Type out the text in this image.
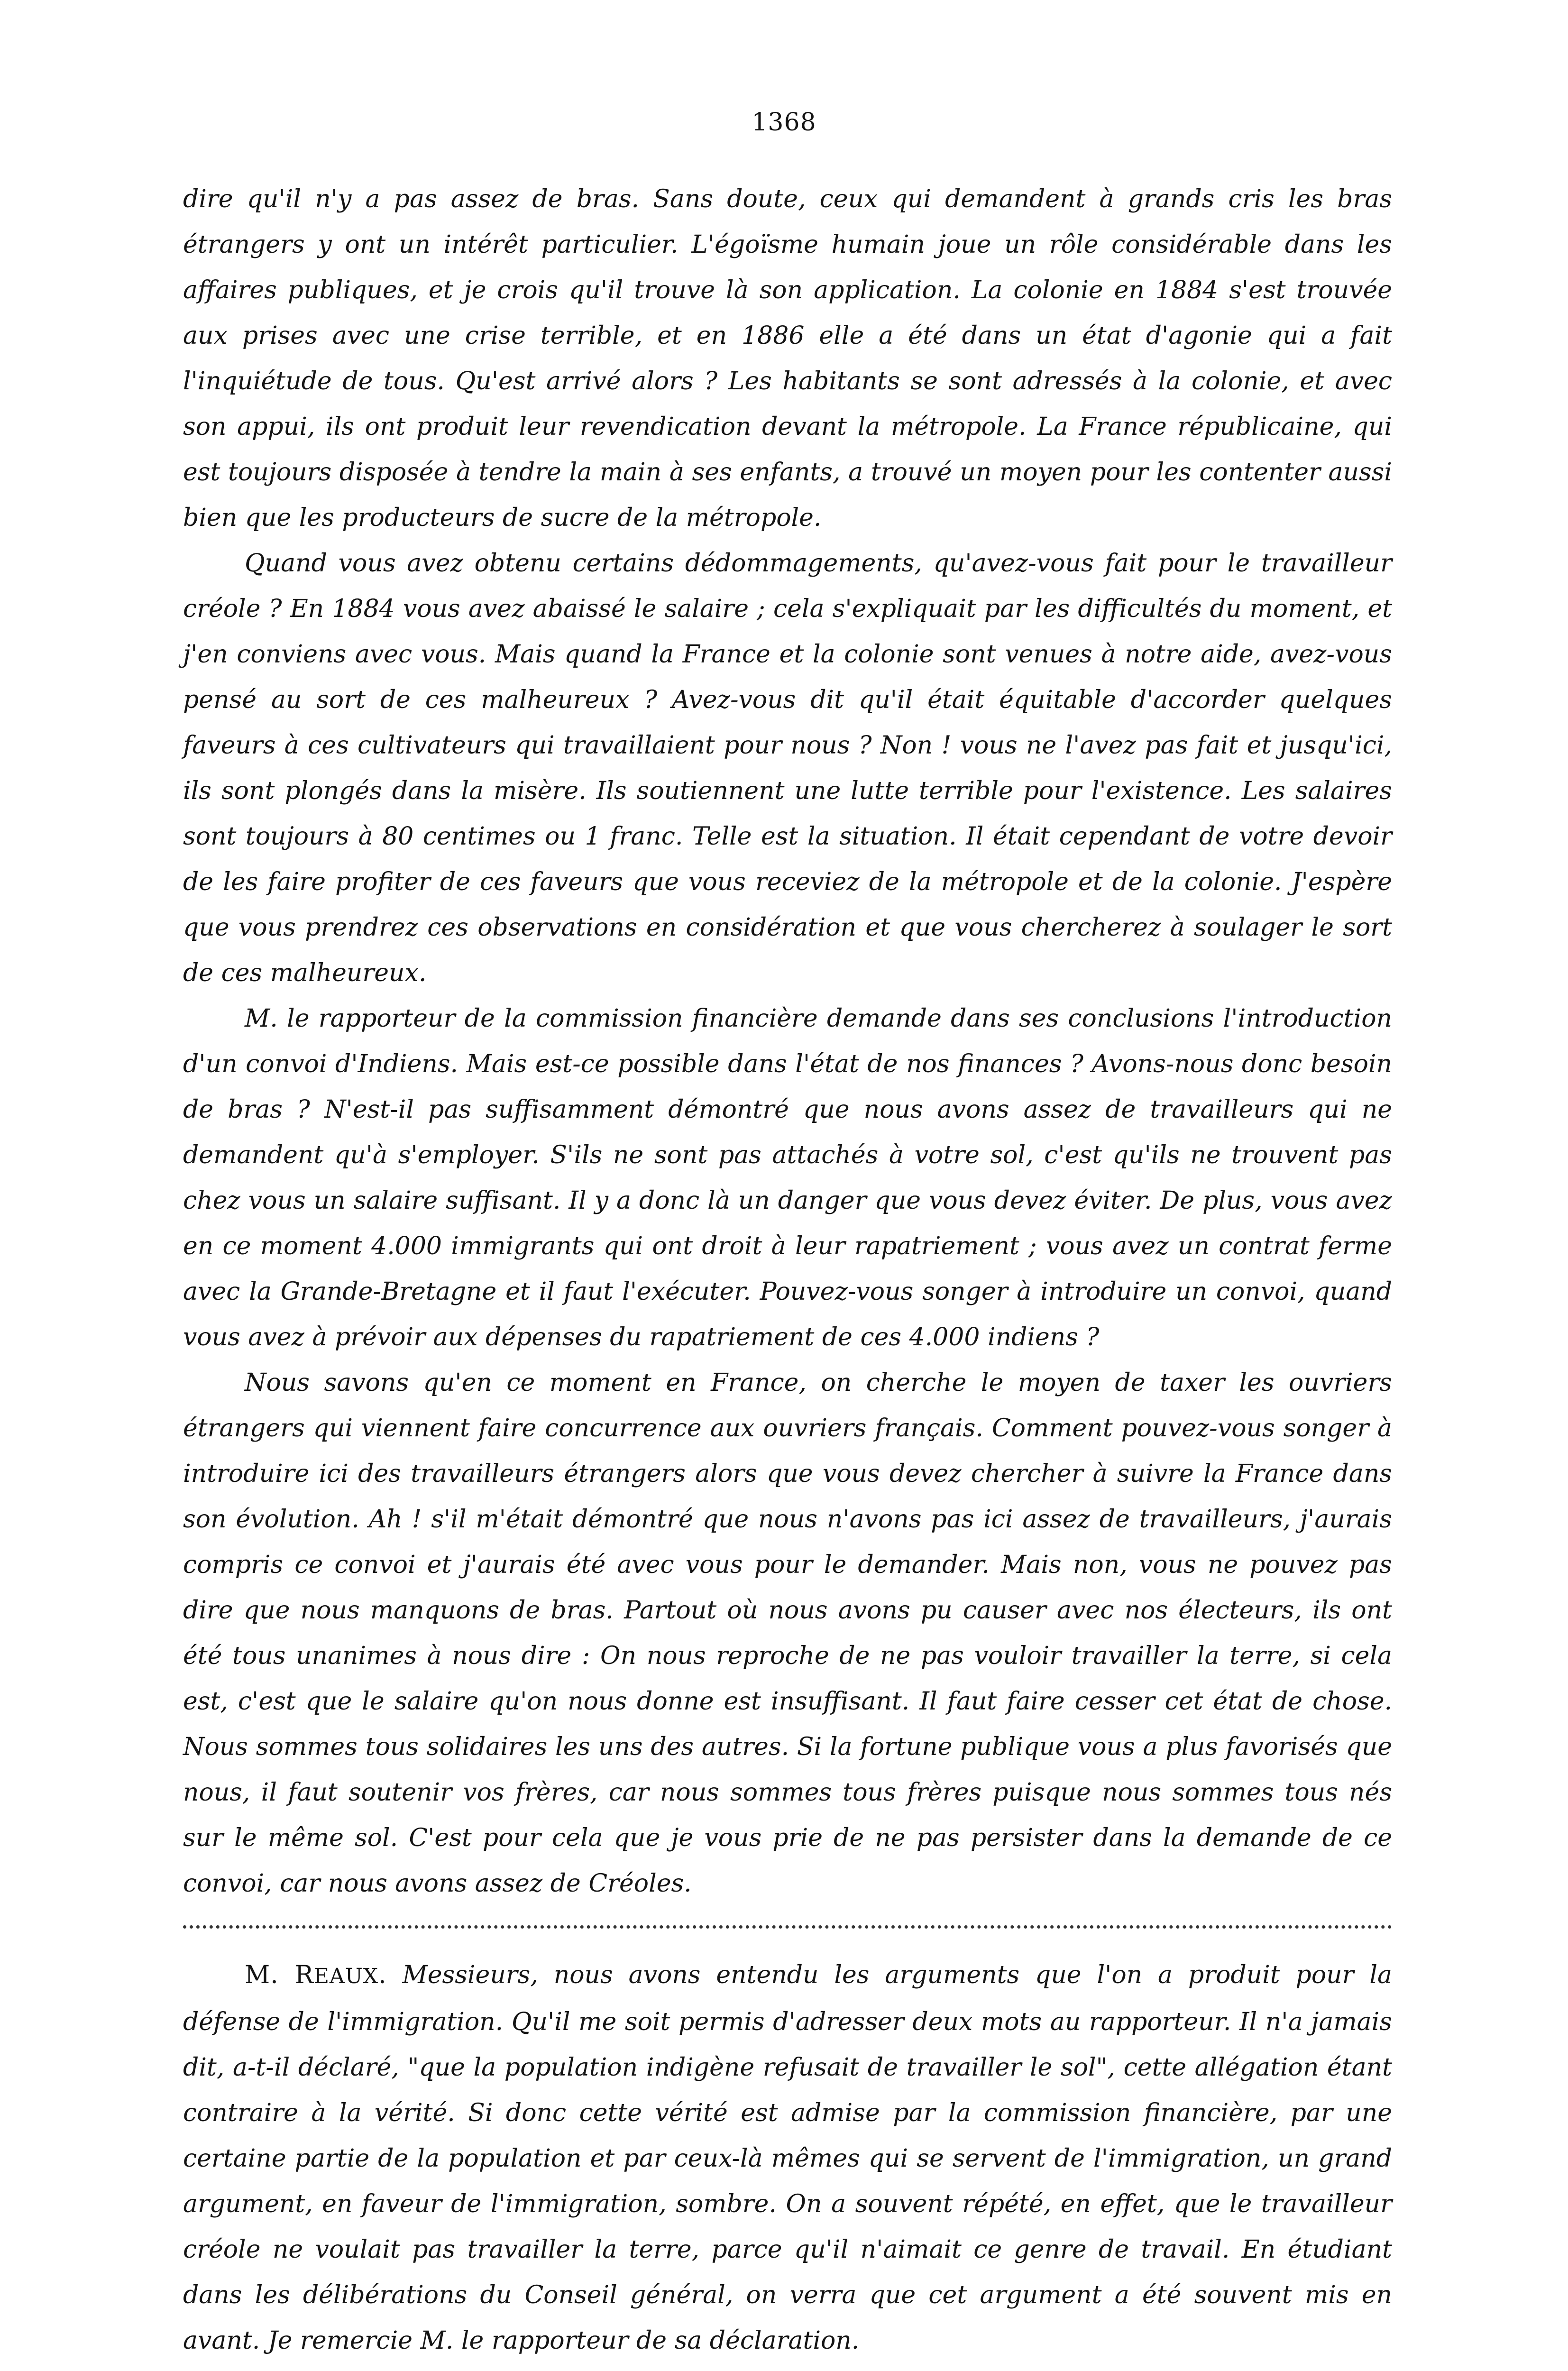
1368

dire qu'il n'y a pas assez de bras. Sans doute, ceux qui demandent à grands cris les bras étrangers y ont un intérêt particulier. L'égoïsme humain joue un rôle considérable dans les affaires publiques, et je crois qu'il trouve là son application. La colonie en 1884 s'est trouvée aux prises avec une crise terrible, et en 1886 elle a été dans un état d'agonie qui a fait l'inquiétude de tous. Qu'est arrivé alors ? Les habitants se sont adressés à la colonie, et avec son appui, ils ont produit leur revendication devant la métropole. La France républicaine, qui est toujours disposée à tendre la main à ses enfants, a trouvé un moyen pour les contenter aussi bien que les producteurs de sucre de la métropole.

Quand vous avez obtenu certains dédommagements, qu'avez-vous fait pour le travailleur créole ? En 1884 vous avez abaissé le salaire ; cela s'expliquait par les difficultés du moment, et j'en conviens avec vous. Mais quand la France et la colonie sont venues à notre aide, avez-vous pensé au sort de ces malheureux ? Avez-vous dit qu'il était équitable d'accorder quelques faveurs à ces cultivateurs qui travaillaient pour nous ? Non ! vous ne l'avez pas fait et jusqu'ici, ils sont plongés dans la misère. Ils soutiennent une lutte terrible pour l'existence. Les salaires sont toujours à 80 centimes ou 1 franc. Telle est la situation. Il était cependant de votre devoir de les faire profiter de ces faveurs que vous receviez de la métropole et de la colonie. J'espère que vous prendrez ces observations en considération et que vous chercherez à soulager le sort de ces malheureux.

M. le rapporteur de la commission financière demande dans ses conclusions l'introduction d'un convoi d'Indiens. Mais est-ce possible dans l'état de nos finances ? Avons-nous donc besoin de bras ? N'est-il pas suffisamment démontré que nous avons assez de travailleurs qui ne demandent qu'à s'employer. S'ils ne sont pas attachés à votre sol, c'est qu'ils ne trouvent pas chez vous un salaire suffisant. Il y a donc là un danger que vous devez éviter. De plus, vous avez en ce moment 4.000 immigrants qui ont droit à leur rapatriement ; vous avez un contrat ferme avec la Grande-Bretagne et il faut l'exécuter. Pouvez-vous songer à introduire un convoi, quand vous avez à prévoir aux dépenses du rapatriement de ces 4.000 indiens ?

Nous savons qu'en ce moment en France, on cherche le moyen de taxer les ouvriers étrangers qui viennent faire concurrence aux ouvriers français. Comment pouvez-vous songer à introduire ici des travailleurs étrangers alors que vous devez chercher à suivre la France dans son évolution. Ah ! s'il m'était démontré que nous n'avons pas ici assez de travailleurs, j'aurais compris ce convoi et j'aurais été avec vous pour le demander. Mais non, vous ne pouvez pas dire que nous manquons de bras. Partout où nous avons pu causer avec nos électeurs, ils ont été tous unanimes à nous dire : On nous reproche de ne pas vouloir travailler la terre, si cela est, c'est que le salaire qu'on nous donne est insuffisant. Il faut faire cesser cet état de chose. Nous sommes tous solidaires les uns des autres. Si la fortune publique vous a plus favorisés que nous, il faut soutenir vos frères, car nous sommes tous frères puisque nous sommes tous nés sur le même sol. C'est pour cela que je vous prie de ne pas persister dans la demande de ce convoi, car nous avons assez de Créoles.

M. REAUX. Messieurs, nous avons entendu les arguments que l'on a produit pour la défense de l'immigration. Qu'il me soit permis d'adresser deux mots au rapporteur. Il n'a jamais dit, a-t-il déclaré, "que la population indigène refusait de travailler le sol", cette allégation étant contraire à la vérité. Si donc cette vérité est admise par la commission financière, par une certaine partie de la population et par ceux-là mêmes qui se servent de l'immigration, un grand argument, en faveur de l'immigration, sombre. On a souvent répété, en effet, que le travailleur créole ne voulait pas travailler la terre, parce qu'il n'aimait ce genre de travail. En étudiant dans les délibérations du Conseil général, on verra que cet argument a été souvent mis en avant. Je remercie M. le rapporteur de sa déclaration.
